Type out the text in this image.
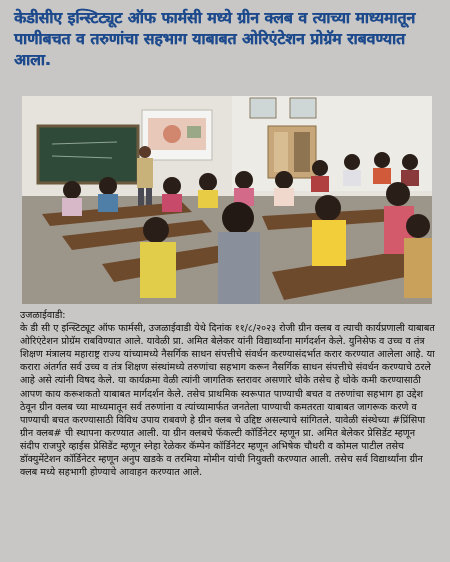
केडीसीए इन्स्टिट्यूट ऑफ फार्मसी मध्ये ग्रीन क्लब व त्याच्या माध्यमातून पाणीबचत व तरुणांचा सहभाग याबाबत ओरिएंटेशन प्रोग्रॅम राबवण्यात आला.
उजळाईवाडी:
के डी सी ए इन्स्टिट्यूट ऑफ फार्मसी, उजळाईवाडी येथे दिनांक ११/८/२०२३ रोजी ग्रीन क्लब व त्याची कार्यप्रणाली याबाबत ओरिएंटेशन प्रोग्रॅम राबविण्यात आले. यावेळी प्रा. अमित बेलेकर यांनी विद्यार्थ्यांना मार्गदर्शन केले. युनिसेफ व उच्च व तंत्र शिक्षण मंत्रालय महाराष्ट्र राज्य यांच्यामध्ये नैसर्गिक साधन संपत्तीचे संवर्धन करण्यासंदर्भात करार करण्यात आलेला आहे. या करारा अंतर्गत सर्व उच्च व तंत्र शिक्षण संस्थांमध्ये तरुणांचा सहभाग करून नैसर्गिक साधन संपत्तीचे संवर्धन करण्याचे ठरले आहे असे त्यांनी विषद केले. या कार्यक्रमा वेळी त्यांनी जागतिक स्तरावर असणारे धोके तसेच हे धोके कमी करण्यासाठी आपण काय करूशकतो याबाबत मार्गदर्शन केले. तसेच प्राथमिक स्वरूपात पाण्याची बचत व तरुणांचा सहभाग हा उद्देश ठेवून ग्रीन क्लब च्या माध्यमातून सर्व तरुणांना व त्यांच्यामार्फत जनतेला पाण्याची कमतरता याबाबत जागरूक करणे व पाण्याची बचत करण्यासाठी विविध उपाय राबवणे हे ग्रीन क्लब चे उद्दिष्ट असल्याचे सांगितले. यावेळी संस्थेच्या #प्रिंसिपा ग्रीन क्लब# ची स्थापना करण्यात आली. या ग्रीन क्लबचे फॅकल्टी कॉर्डिनेटर म्हणून प्रा. अमित बेलेकर प्रेसिडेंट म्हणून संदीप राजपुरे व्हाईस प्रेसिडेंट म्हणून स्नेहा रेळेकर कॅम्पेन कॉर्डिनेटर म्हणून अभिषेक चौधरी व कोमल पाटील तसेच डॉक्युमेंटेशन कॉर्डिनेटर म्हणून अनुप खडके व तरमिया मोमीन यांची नियुक्ती करण्यात आली. तसेच सर्व विद्यार्थ्यांना ग्रीन क्लब मध्ये सहभागी होण्याचे आवाहन करण्यात आले.
